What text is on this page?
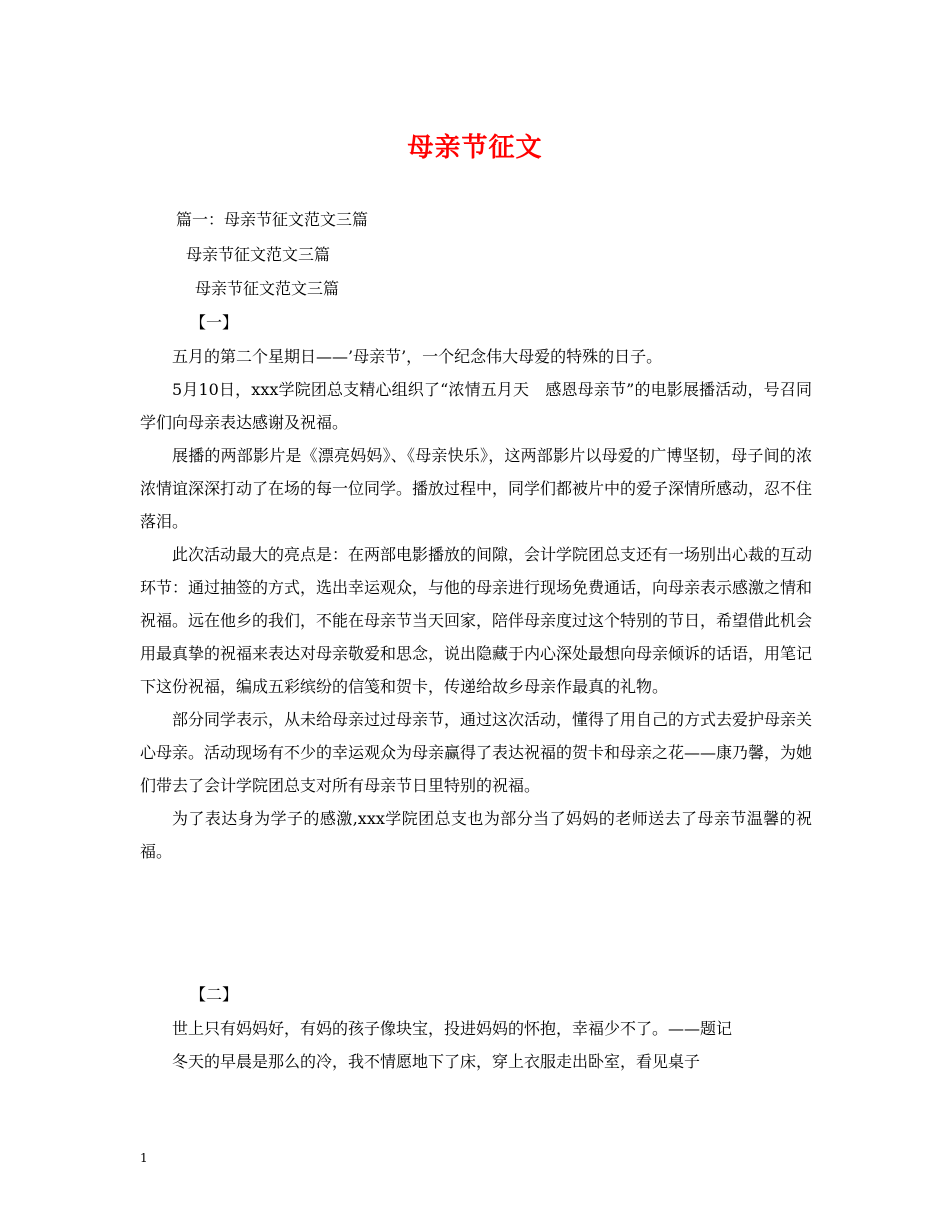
母亲节征文
篇一：母亲节征文范文三篇
母亲节征文范文三篇
母亲节征文范文三篇
【一】

五月的第二个星期日——’母亲节’，一个纪念伟大母爱的特殊的日子。

5月10日，xxx学院团总支精心组织了“浓情五月天　感恩母亲节”的电影展播活动，号召同学们向母亲表达感谢及祝福。

展播的两部影片是《漂亮妈妈》、《母亲快乐》，这两部影片以母爱的广博坚韧，母子间的浓浓情谊深深打动了在场的每一位同学。播放过程中，同学们都被片中的爱子深情所感动，忍不住落泪。

此次活动最大的亮点是：在两部电影播放的间隙，会计学院团总支还有一场别出心裁的互动环节：通过抽签的方式，选出幸运观众，与他的母亲进行现场免费通话，向母亲表示感激之情和祝福。远在他乡的我们，不能在母亲节当天回家，陪伴母亲度过这个特别的节日，希望借此机会用最真挚的祝福来表达对母亲敬爱和思念，说出隐藏于内心深处最想向母亲倾诉的话语，用笔记下这份祝福，编成五彩缤纷的信笺和贺卡，传递给故乡母亲作最真的礼物。

部分同学表示，从未给母亲过过母亲节，通过这次活动，懂得了用自己的方式去爱护母亲关心母亲。活动现场有不少的幸运观众为母亲赢得了表达祝福的贺卡和母亲之花——康乃馨，为她们带去了会计学院团总支对所有母亲节日里特别的祝福。

为了表达身为学子的感激,xxx学院团总支也为部分当了妈妈的老师送去了母亲节温馨的祝福。

【二】

世上只有妈妈好，有妈的孩子像块宝，投进妈妈的怀抱，幸福少不了。——题记

冬天的早晨是那么的冷，我不情愿地下了床，穿上衣服走出卧室，看见桌子

1
